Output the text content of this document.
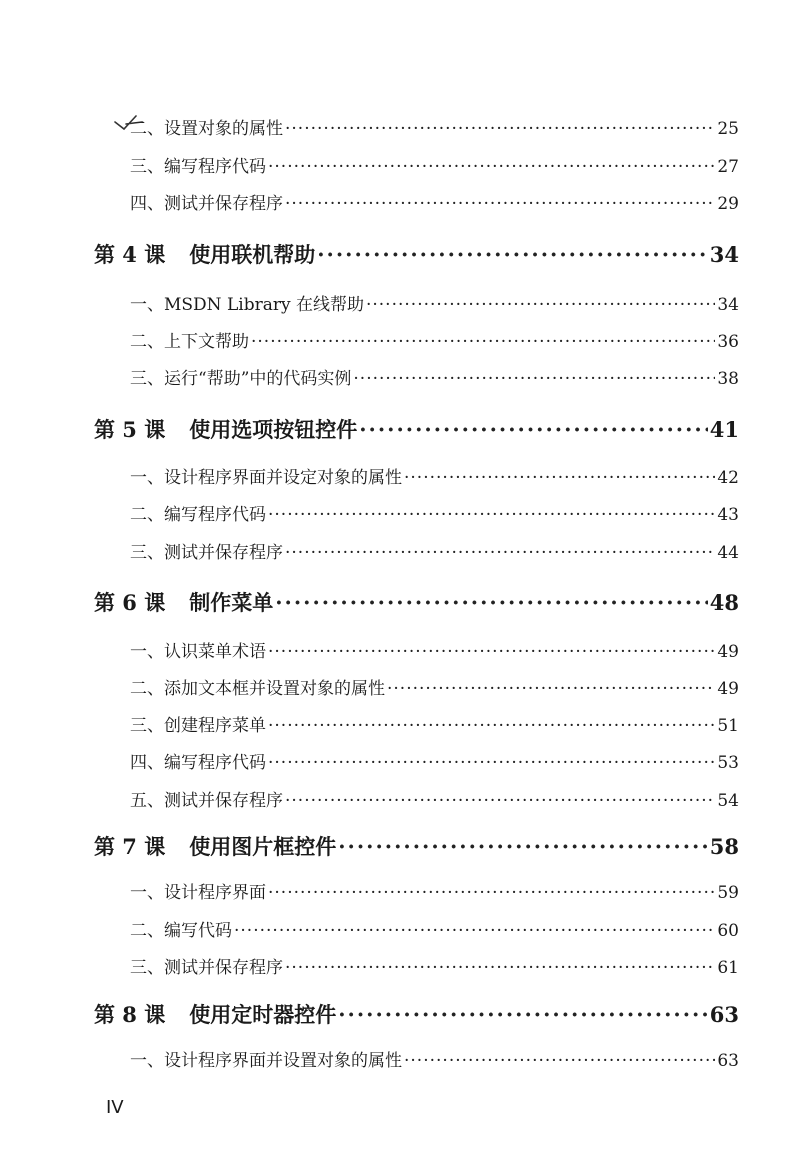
二、 设置对象的属性 ·····	25
三、 编写程序代码 ·····	27
四、 测试并保存程序 ·····	29
第 4 课 使用联机帮助 ·····	34
一、 MSDN Library 在线帮助 ·····	34
二、 上下文帮助 ·····	36
三、 运行“帮助”中的代码实例 ·····	38
第 5 课 使用选项按钮控件 ·····	41
一、 设计程序界面并设定对象的属性 ·····	42
二、 编写程序代码 ·····	43
三、 测试并保存程序 ·····	44
第 6 课 制作菜单 ·····	48
一、 认识菜单术语 ·····	49
二、 添加文本框并设置对象的属性 ·····	49
三、 创建程序菜单 ·····	51
四、 编写程序代码 ·····	53
五、 测试并保存程序 ·····	54
第 7 课 使用图片框控件 ·····	58
一、 设计程序界面 ·····	59
二、 编写代码 ·····	60
三、 测试并保存程序 ·····	61
第 8 课 使用定时器控件 ·····	63
一、 设计程序界面并设置对象的属性 ·····	63
IV
